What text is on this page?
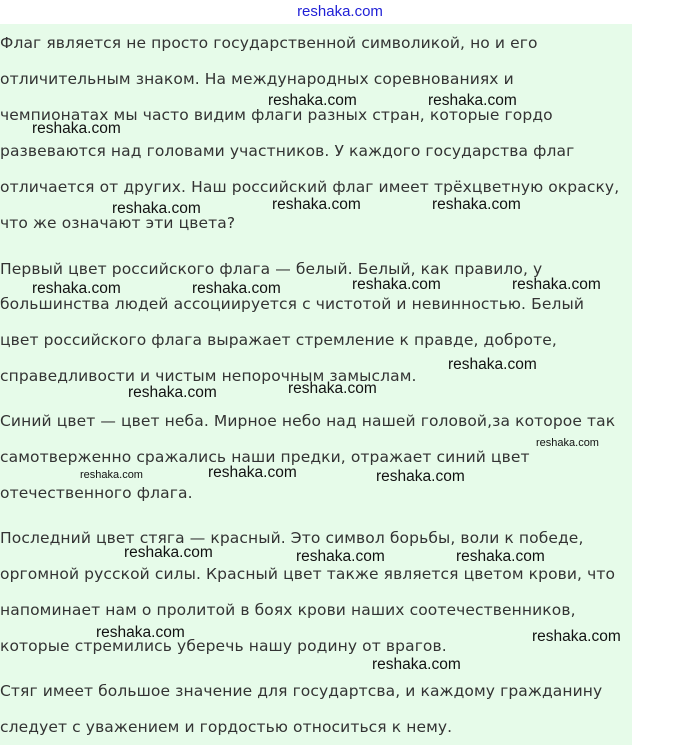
reshaka.com
Флаг является не просто государственной символикой, но и его
отличительным знаком. На международных соревнованиях и
чемпионатах мы часто видим флаги разных стран, которые гордо
развеваются над головами участников. У каждого государства флаг
отличается от других. Наш российский флаг имеет трёхцветную окраску,
что же означают эти цвета?
Первый цвет российского флага — белый. Белый, как правило, у
большинства людей ассоциируется с чистотой и невинностью. Белый
цвет российского флага выражает стремление к правде, доброте,
справедливости и чистым непорочным замыслам.
Синий цвет — цвет неба. Мирное небо над нашей головой,за которое так
самотверженно сражались наши предки, отражает синий цвет
отечественного флага.
Последний цвет стяга — красный. Это символ борьбы, воли к победе,
оргомной русской силы. Красный цвет также является цветом крови, что
напоминает нам о пролитой в боях крови наших соотечественников,
которые стремились уберечь нашу родину от врагов.
Стяг имеет большое значение для государтсва, и каждому гражданину
следует с уважением и гордостью относиться к нему.
reshaka.com	reshaka.com
reshaka.com
reshaka.com	reshaka.com	reshaka.com
reshaka.com	reshaka.com
reshaka.com	reshaka.com
reshaka.com
reshaka.com
reshaka.com
reshaka.com
reshaka.com	reshaka.com
reshaka.com
reshaka.com	reshaka.com	reshaka.com
reshaka.com	reshaka.com
reshaka.com
